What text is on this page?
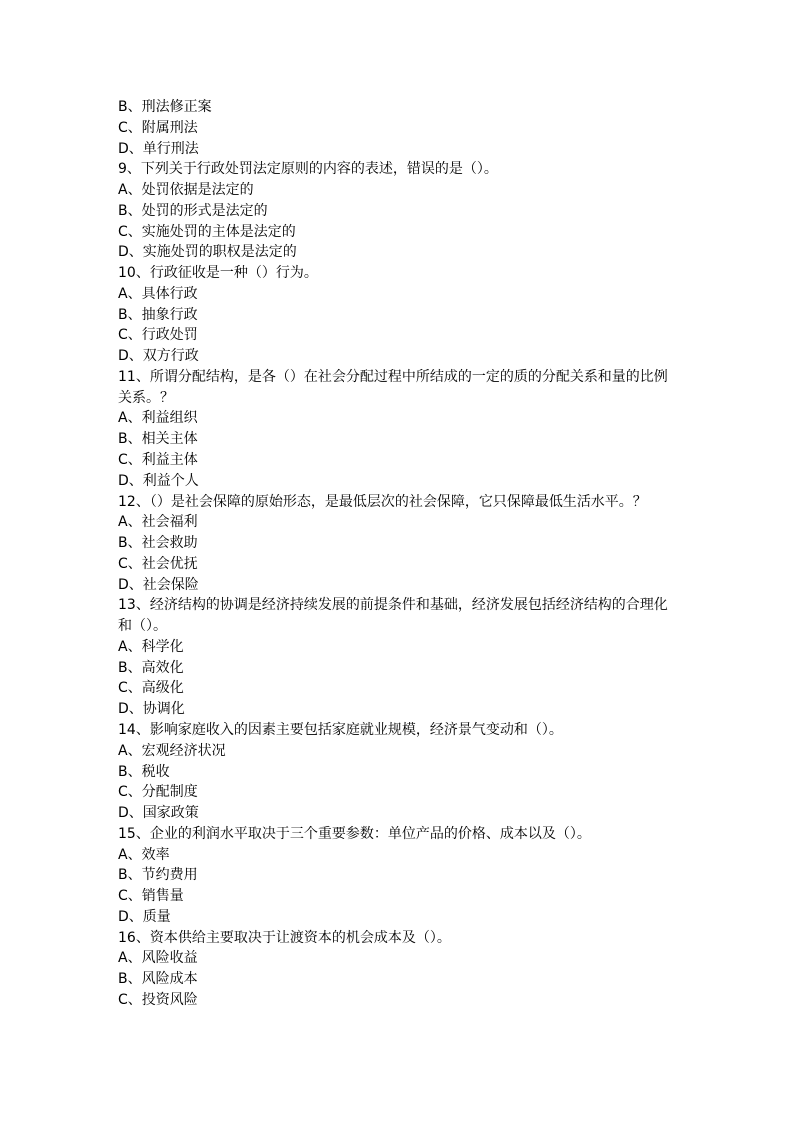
B、刑法修正案
C、附属刑法
D、单行刑法
9、下列关于行政处罚法定原则的内容的表述，错误的是（）。
A、处罚依据是法定的
B、处罚的形式是法定的
C、实施处罚的主体是法定的
D、实施处罚的职权是法定的
10、行政征收是一种（）行为。
A、具体行政
B、抽象行政
C、行政处罚
D、双方行政
11、所谓分配结构，是各（）在社会分配过程中所结成的一定的质的分配关系和量的比例
关系。？
A、利益组织
B、相关主体
C、利益主体
D、利益个人
12、（）是社会保障的原始形态，是最低层次的社会保障，它只保障最低生活水平。？
A、社会福利
B、社会救助
C、社会优抚
D、社会保险
13、经济结构的协调是经济持续发展的前提条件和基础，经济发展包括经济结构的合理化
和（）。
A、科学化
B、高效化
C、高级化
D、协调化
14、影响家庭收入的因素主要包括家庭就业规模，经济景气变动和（）。
A、宏观经济状况
B、税收
C、分配制度
D、国家政策
15、企业的利润水平取决于三个重要参数：单位产品的价格、成本以及（）。
A、效率
B、节约费用
C、销售量
D、质量
16、资本供给主要取决于让渡资本的机会成本及（）。
A、风险收益
B、风险成本
C、投资风险
